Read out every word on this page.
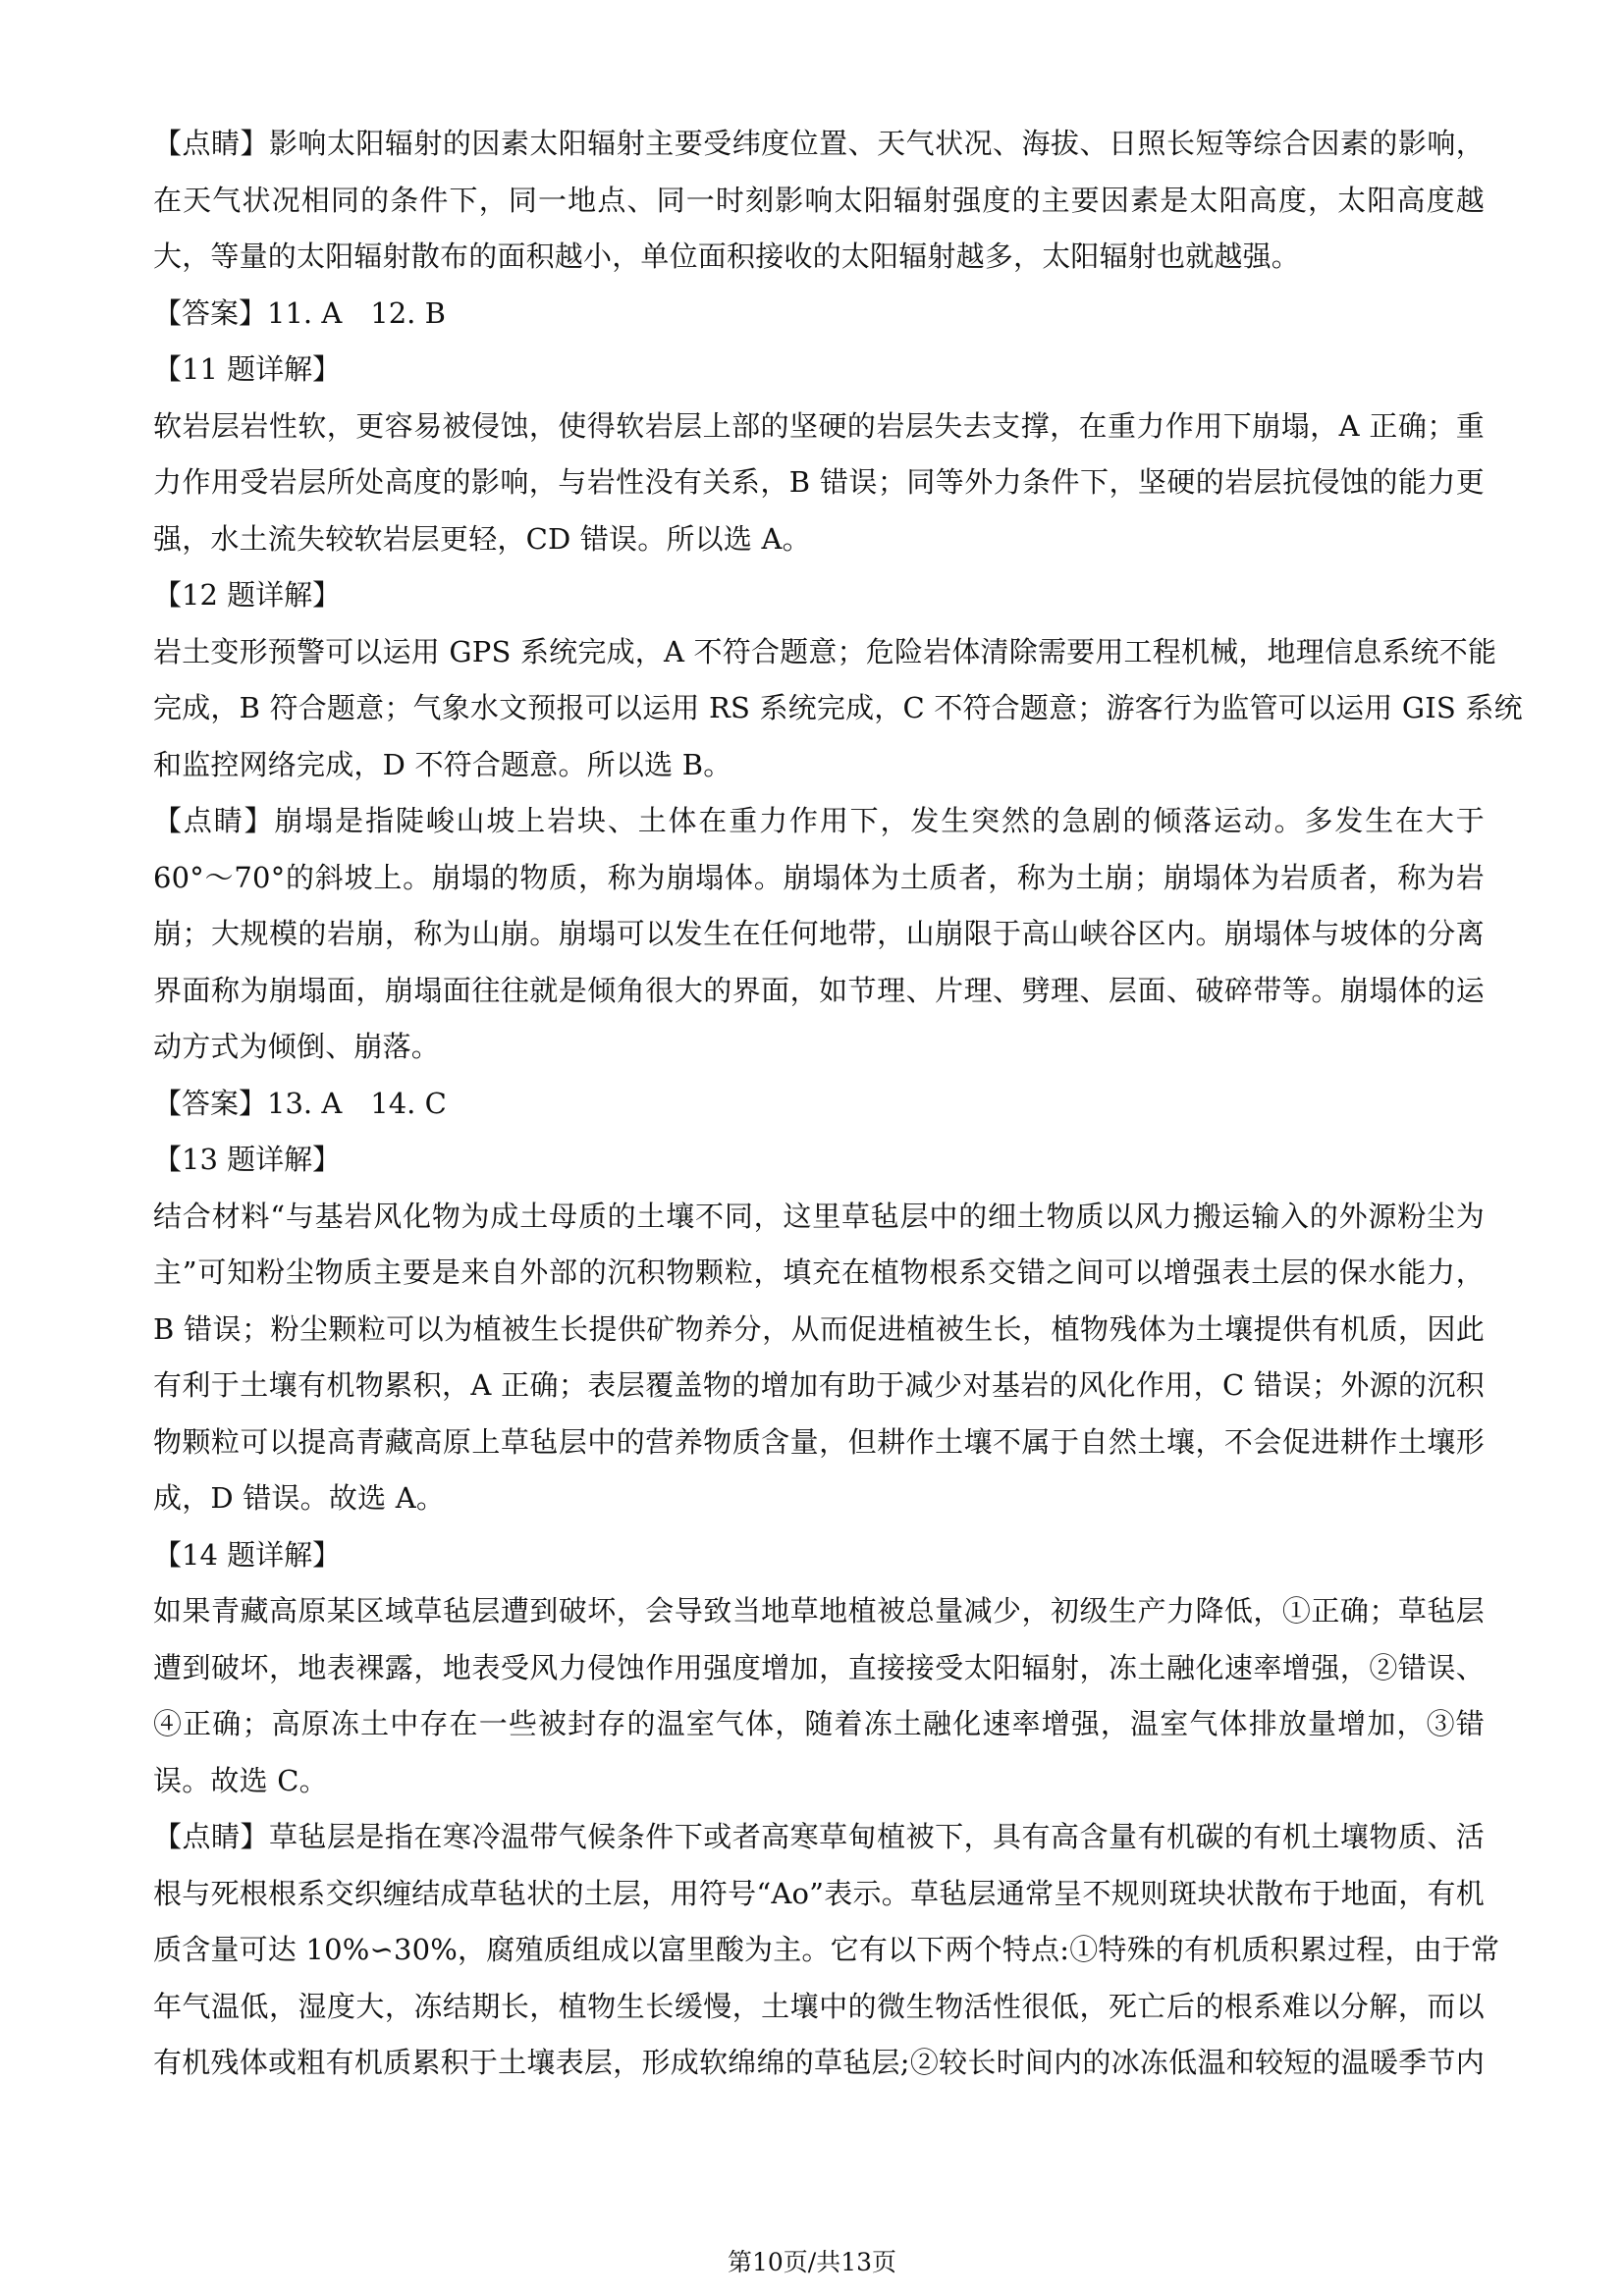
【点睛】影响太阳辐射的因素太阳辐射主要受纬度位置、天气状况、海拔、日照长短等综合因素的影响，
在天气状况相同的条件下，同一地点、同一时刻影响太阳辐射强度的主要因素是太阳高度，太阳高度越
大，等量的太阳辐射散布的面积越小，单位面积接收的太阳辐射越多，太阳辐射也就越强。
【答案】11. A　12. B
【11 题详解】
软岩层岩性软，更容易被侵蚀，使得软岩层上部的坚硬的岩层失去支撑，在重力作用下崩塌，A 正确；重
力作用受岩层所处高度的影响，与岩性没有关系，B 错误；同等外力条件下，坚硬的岩层抗侵蚀的能力更
强，水土流失较软岩层更轻，CD 错误。所以选 A。
【12 题详解】
岩土变形预警可以运用 GPS 系统完成，A 不符合题意；危险岩体清除需要用工程机械，地理信息系统不能
完成，B 符合题意；气象水文预报可以运用 RS 系统完成，C 不符合题意；游客行为监管可以运用 GIS 系统
和监控网络完成，D 不符合题意。所以选 B。
【点睛】崩塌是指陡峻山坡上岩块、土体在重力作用下，发生突然的急剧的倾落运动。多发生在大于
60°～70°的斜坡上。崩塌的物质，称为崩塌体。崩塌体为土质者，称为土崩；崩塌体为岩质者，称为岩
崩；大规模的岩崩，称为山崩。崩塌可以发生在任何地带，山崩限于高山峡谷区内。崩塌体与坡体的分离
界面称为崩塌面，崩塌面往往就是倾角很大的界面，如节理、片理、劈理、层面、破碎带等。崩塌体的运
动方式为倾倒、崩落。
【答案】13. A　14. C
【13 题详解】
结合材料“与基岩风化物为成土母质的土壤不同，这里草毡层中的细土物质以风力搬运输入的外源粉尘为
主”可知粉尘物质主要是来自外部的沉积物颗粒，填充在植物根系交错之间可以增强表土层的保水能力，
B 错误；粉尘颗粒可以为植被生长提供矿物养分，从而促进植被生长，植物残体为土壤提供有机质，因此
有利于土壤有机物累积，A 正确；表层覆盖物的增加有助于减少对基岩的风化作用，C 错误；外源的沉积
物颗粒可以提高青藏高原上草毡层中的营养物质含量，但耕作土壤不属于自然土壤，不会促进耕作土壤形
成，D 错误。故选 A。
【14 题详解】
如果青藏高原某区域草毡层遭到破坏，会导致当地草地植被总量减少，初级生产力降低，①正确；草毡层
遭到破坏，地表裸露，地表受风力侵蚀作用强度增加，直接接受太阳辐射，冻土融化速率增强，②错误、
④正确；高原冻土中存在一些被封存的温室气体，随着冻土融化速率增强，温室气体排放量增加，③错
误。故选 C。
【点睛】草毡层是指在寒冷温带气候条件下或者高寒草甸植被下，具有高含量有机碳的有机土壤物质、活
根与死根根系交织缠结成草毡状的土层，用符号“Ao”表示。草毡层通常呈不规则斑块状散布于地面，有机
质含量可达 10%∽30%，腐殖质组成以富里酸为主。它有以下两个特点:①特殊的有机质积累过程，由于常
年气温低，湿度大，冻结期长，植物生长缓慢，土壤中的微生物活性很低，死亡后的根系难以分解，而以
有机残体或粗有机质累积于土壤表层，形成软绵绵的草毡层;②较长时间内的冰冻低温和较短的温暖季节内
第10页/共13页
